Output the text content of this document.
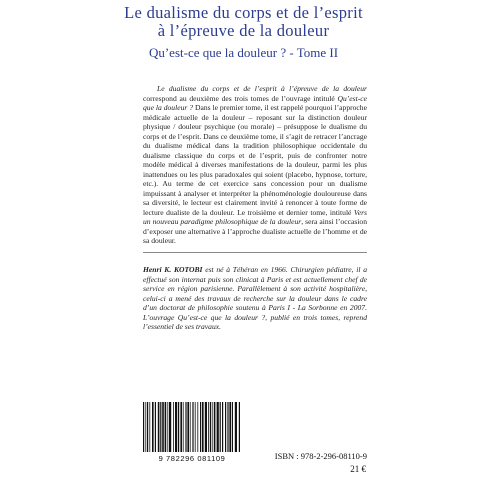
Le dualisme du corps et de l’esprit
à l’épreuve de la douleur
Qu’est-ce que la douleur ? - Tome II

Le dualisme du corps et de l’esprit à l’épreuve de la douleur correspond au deuxième des trois tomes de l’ouvrage intitulé Qu’est-ce que la douleur ? Dans le premier tome, il est rappelé pourquoi l’approche médicale actuelle de la douleur – reposant sur la distinction douleur physique / douleur psychique (ou morale) – présuppose le dualisme du corps et de l’esprit. Dans ce deuxième tome, il s’agit de retracer l’ancrage du dualisme médical dans la tradition philosophique occidentale du dualisme classique du corps et de l’esprit, puis de confronter notre modèle médical à diverses manifestations de la douleur, parmi les plus inattendues ou les plus paradoxales qui soient (placebo, hypnose, torture, etc.). Au terme de cet exercice sans concession pour un dualisme impuissant à analyser et interpréter la phénoménologie douloureuse dans sa diversité, le lecteur est clairement invité à renoncer à toute forme de lecture dualiste de la douleur. Le troisième et dernier tome, intitulé Vers un nouveau paradigme philosophique de la douleur, sera ainsi l’occasion d’exposer une alternative à l’approche dualiste actuelle de l’homme et de sa douleur.

Henri K. KOTOBI est né à Téhéran en 1966. Chirurgien pédiatre, il a effectué son internat puis son clinicat à Paris et est actuellement chef de service en région parisienne. Parallèlement à son activité hospitalière, celui-ci a mené des travaux de recherche sur la douleur dans le cadre d’un doctorat de philosophie soutenu à Paris I - La Sorbonne en 2007. L’ouvrage Qu’est-ce que la douleur ?, publié en trois tomes, reprend l’essentiel de ses travaux.

9 782296 081109	ISBN : 978-2-296-08110-9
21 €
